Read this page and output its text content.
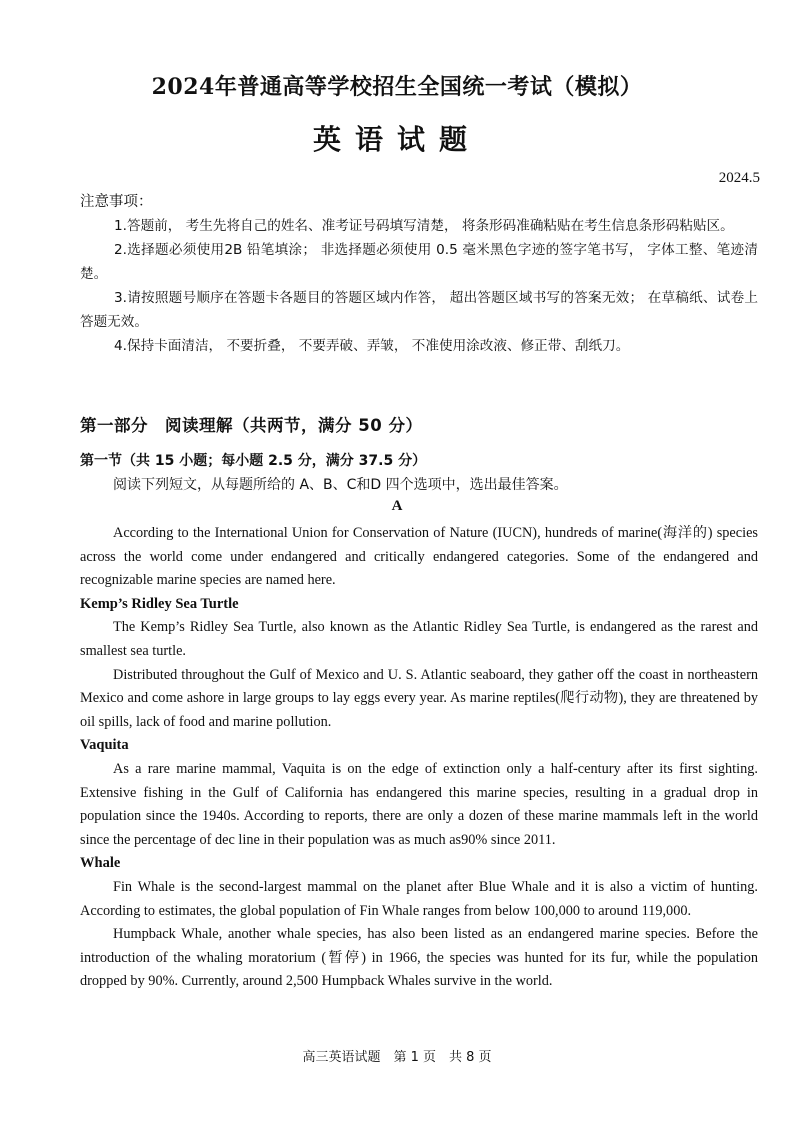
2024年普通高等学校招生全国统一考试（模拟）
英语试题
2024.5
注意事项：

1.答题前， 考生先将自己的姓名、准考证号码填写清楚， 将条形码准确粘贴在考生信息条形码粘贴区。

2.选择题必须使用2B 铅笔填涂； 非选择题必须使用 0.5 毫米黑色字迹的签字笔书写， 字体工整、笔迹清楚。

3.请按照题号顺序在答题卡各题目的答题区域内作答， 超出答题区域书写的答案无效； 在草稿纸、试卷上答题无效。

4.保持卡面清洁， 不要折叠， 不要弄破、弄皱， 不准使用涂改液、修正带、刮纸刀。

第一部分　阅读理解（共两节，满分 50 分）
第一节（共 15 小题；每小题 2.5 分，满分 37.5 分）
阅读下列短文，从每题所给的 A、B、C和D 四个选项中，选出最佳答案。
A

According to the International Union for Conservation of Nature (IUCN), hundreds of marine(海洋的) species across the world come under endangered and critically endangered categories. Some of the endangered and recognizable marine species are named here.

Kemp’s Ridley Sea Turtle

The Kemp’s Ridley Sea Turtle, also known as the Atlantic Ridley Sea Turtle, is endangered as the rarest and smallest sea turtle.

Distributed throughout the Gulf of Mexico and U. S. Atlantic seaboard, they gather off the coast in northeastern Mexico and come ashore in large groups to lay eggs every year. As marine reptiles(爬行动物), they are threatened by oil spills, lack of food and marine pollution.

Vaquita

As a rare marine mammal, Vaquita is on the edge of extinction only a half-century after its first sighting. Extensive fishing in the Gulf of California has endangered this marine species, resulting in a gradual drop in population since the 1940s. According to reports, there are only a dozen of these marine mammals left in the world since the percentage of dec line in their population was as much as90% since 2011.

Whale

Fin Whale is the second-largest mammal on the planet after Blue Whale and it is also a victim of hunting. According to estimates, the global population of Fin Whale ranges from below 100,000 to around 119,000.

Humpback Whale, another whale species, has also been listed as an endangered marine species. Before the introduction of the whaling moratorium (暂停) in 1966, the species was hunted for its fur, while the population dropped by 90%. Currently, around 2,500 Humpback Whales survive in the world.

高三英语试题　第 1 页　共 8 页
